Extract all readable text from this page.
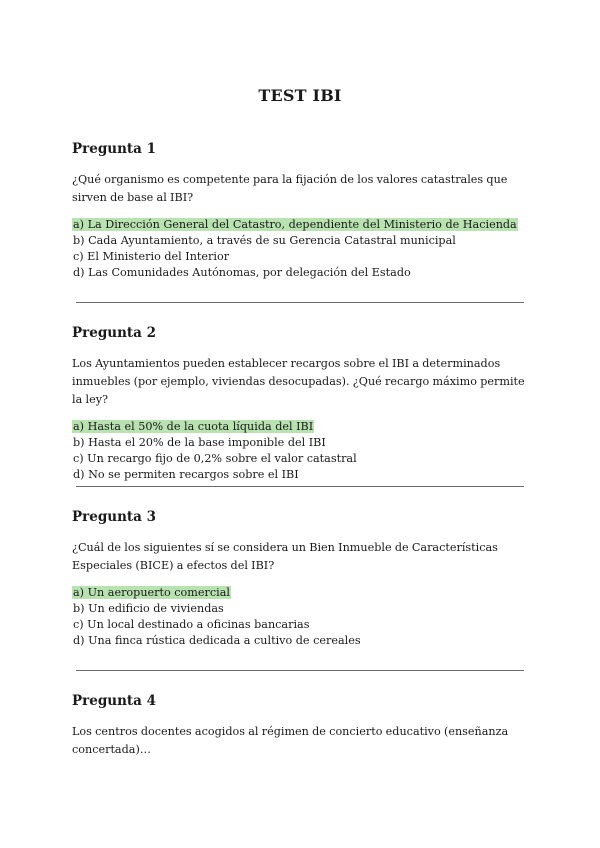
TEST IBI
Pregunta 1
¿Qué organismo es competente para la fijación de los valores catastrales que sirven de base al IBI?
a) La Dirección General del Catastro, dependiente del Ministerio de Hacienda
b) Cada Ayuntamiento, a través de su Gerencia Catastral municipal
c) El Ministerio del Interior
d) Las Comunidades Autónomas, por delegación del Estado
Pregunta 2
Los Ayuntamientos pueden establecer recargos sobre el IBI a determinados inmuebles (por ejemplo, viviendas desocupadas). ¿Qué recargo máximo permite la ley?
a) Hasta el 50% de la cuota líquida del IBI
b) Hasta el 20% de la base imponible del IBI
c) Un recargo fijo de 0,2% sobre el valor catastral
d) No se permiten recargos sobre el IBI
Pregunta 3
¿Cuál de los siguientes sí se considera un Bien Inmueble de Características Especiales (BICE) a efectos del IBI?
a) Un aeropuerto comercial
b) Un edificio de viviendas
c) Un local destinado a oficinas bancarias
d) Una finca rústica dedicada a cultivo de cereales
Pregunta 4
Los centros docentes acogidos al régimen de concierto educativo (enseñanza concertada)…
